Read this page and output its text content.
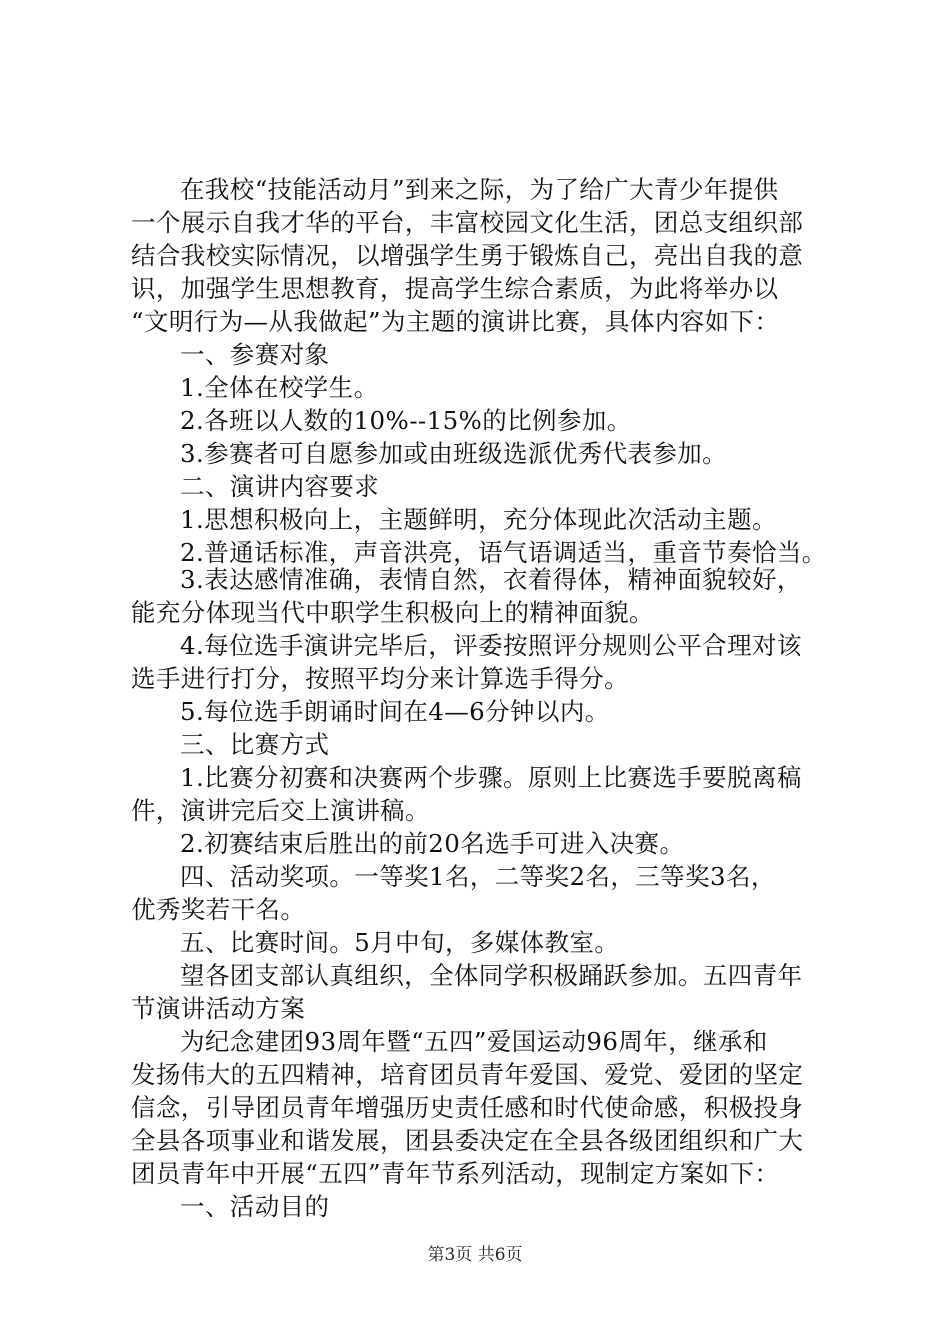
在我校“技能活动月”到来之际，为了给广大青少年提供
一个展示自我才华的平台，丰富校园文化生活，团总支组织部
结合我校实际情况，以增强学生勇于锻炼自己，亮出自我的意
识，加强学生思想教育，提高学生综合素质，为此将举办以
“文明行为—从我做起”为主题的演讲比赛，具体内容如下：
一、参赛对象
1.全体在校学生。
2.各班以人数的10%--15%的比例参加。
3.参赛者可自愿参加或由班级选派优秀代表参加。
二、演讲内容要求
1.思想积极向上，主题鲜明，充分体现此次活动主题。
2.普通话标准，声音洪亮，语气语调适当，重音节奏恰当。
3.表达感情准确，表情自然，衣着得体，精神面貌较好，
能充分体现当代中职学生积极向上的精神面貌。
4.每位选手演讲完毕后，评委按照评分规则公平合理对该
选手进行打分，按照平均分来计算选手得分。
5.每位选手朗诵时间在4—6分钟以内。
三、比赛方式
1.比赛分初赛和决赛两个步骤。原则上比赛选手要脱离稿
件，演讲完后交上演讲稿。
2.初赛结束后胜出的前20名选手可进入决赛。
四、活动奖项。一等奖1名，二等奖2名，三等奖3名，
优秀奖若干名。
五、比赛时间。5月中旬，多媒体教室。
望各团支部认真组织，全体同学积极踊跃参加。五四青年
节演讲活动方案
为纪念建团93周年暨“五四”爱国运动96周年，继承和
发扬伟大的五四精神，培育团员青年爱国、爱党、爱团的坚定
信念，引导团员青年增强历史责任感和时代使命感，积极投身
全县各项事业和谐发展，团县委决定在全县各级团组织和广大
团员青年中开展“五四”青年节系列活动，现制定方案如下：
第3页 共6页
一、活动目的
